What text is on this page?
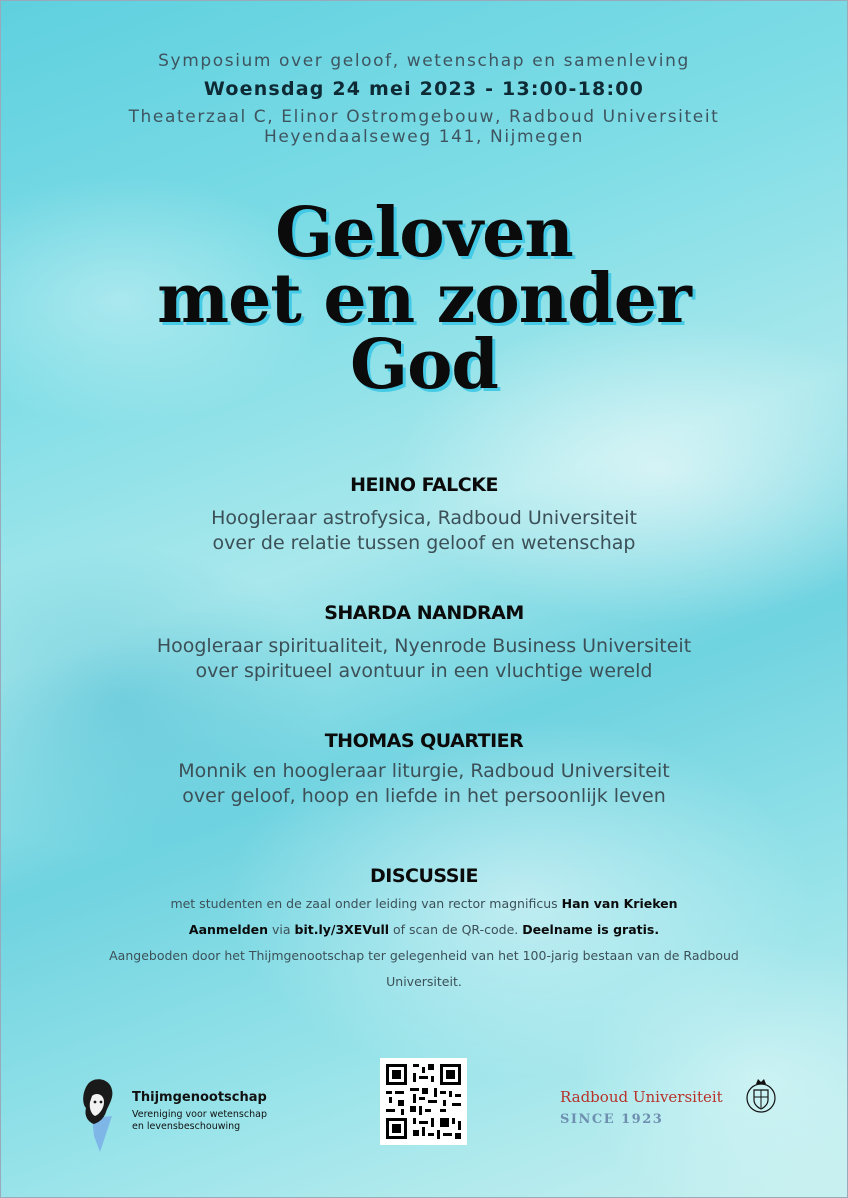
Symposium over geloof, wetenschap en samenleving

Woensdag 24 mei 2023 - 13:00-18:00

Theaterzaal C, Elinor Ostromgebouw, Radboud Universiteit

Heyendaalseweg 141, Nijmegen

Geloven
met en zonder
God

HEINO FALCKE

Hoogleraar astrofysica, Radboud Universiteit

over de relatie tussen geloof en wetenschap

SHARDA NANDRAM

Hoogleraar spiritualiteit, Nyenrode Business Universiteit

over spiritueel avontuur in een vluchtige wereld

THOMAS QUARTIER

Monnik en hoogleraar liturgie, Radboud Universiteit

over geloof, hoop en liefde in het persoonlijk leven

DISCUSSIE

met studenten en de zaal onder leiding van rector magnificus Han van Krieken

Aanmelden via bit.ly/3XEVull of scan de QR-code. Deelname is gratis.

Aangeboden door het Thijmgenootschap ter gelegenheid van het 100-jarig bestaan van de Radboud

Universiteit.

Thijmgenootschap
Vereniging voor wetenschap
en levensbeschouwing
Radboud Universiteit
SINCE 1923
